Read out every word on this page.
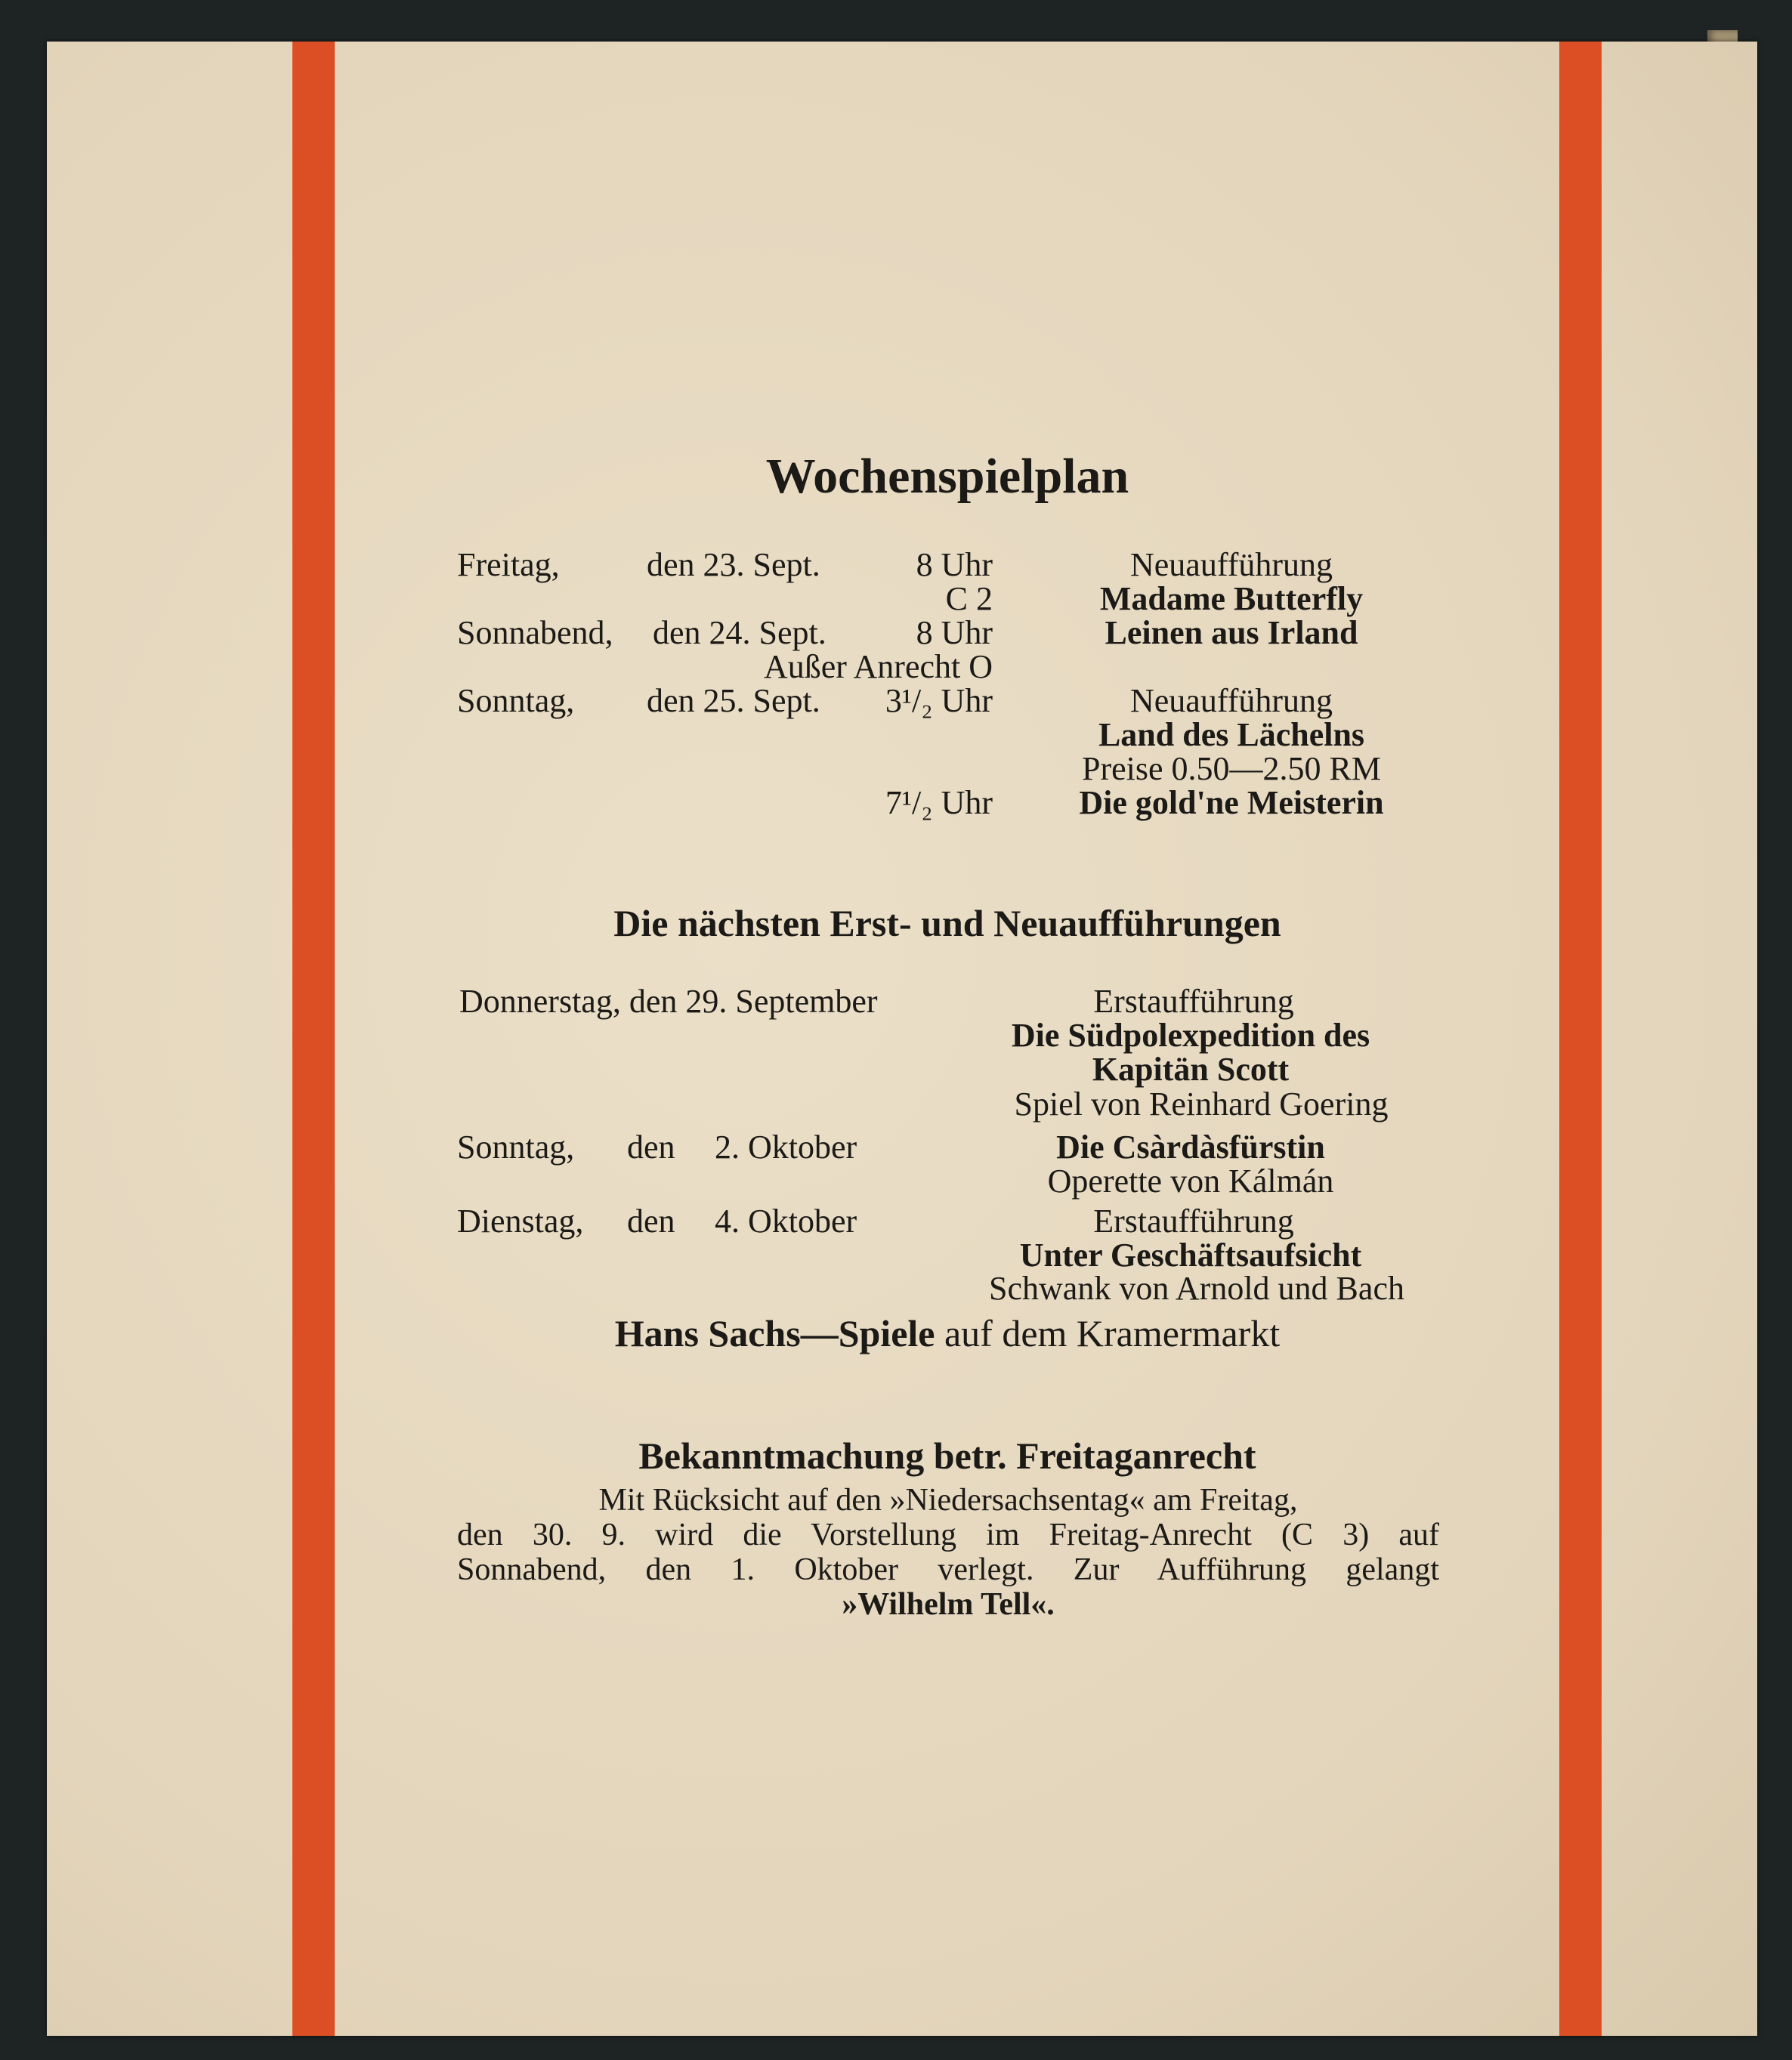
Wochenspielplan
Freitag,	den 23. Sept.	8 Uhr	Neuaufführung
C 2	Madame Butterfly
Sonnabend, den 24. Sept.	8 Uhr	Leinen aus Irland
Außer Anrecht O
Sonntag, den 25. Sept. 3¹/₂ Uhr	Neuaufführung
Land des Lächelns
Preise 0.50—2.50 RM
7¹/₂ Uhr	Die gold'ne Meisterin
Die nächsten Erst- und Neuaufführungen
Donnerstag, den 29. September	Erstaufführung
Die Südpolexpedition des
Kapitän Scott
Spiel von Reinhard Goering
Sonntag, den 2. Oktober	Die Csàrdàsfürstin
Operette von Kálmán
Dienstag, den 4. Oktober	Erstaufführung
Unter Geschäftsaufsicht
Schwank von Arnold und Bach
Hans Sachs—Spiele auf dem Kramermarkt
Bekanntmachung betr. Freitaganrecht
Mit Rücksicht auf den »Niedersachsentag« am Freitag,
den 30. 9. wird die Vorstellung im Freitag-Anrecht (C 3) auf
Sonnabend, den 1. Oktober verlegt. Zur Aufführung gelangt
»Wilhelm Tell«.
